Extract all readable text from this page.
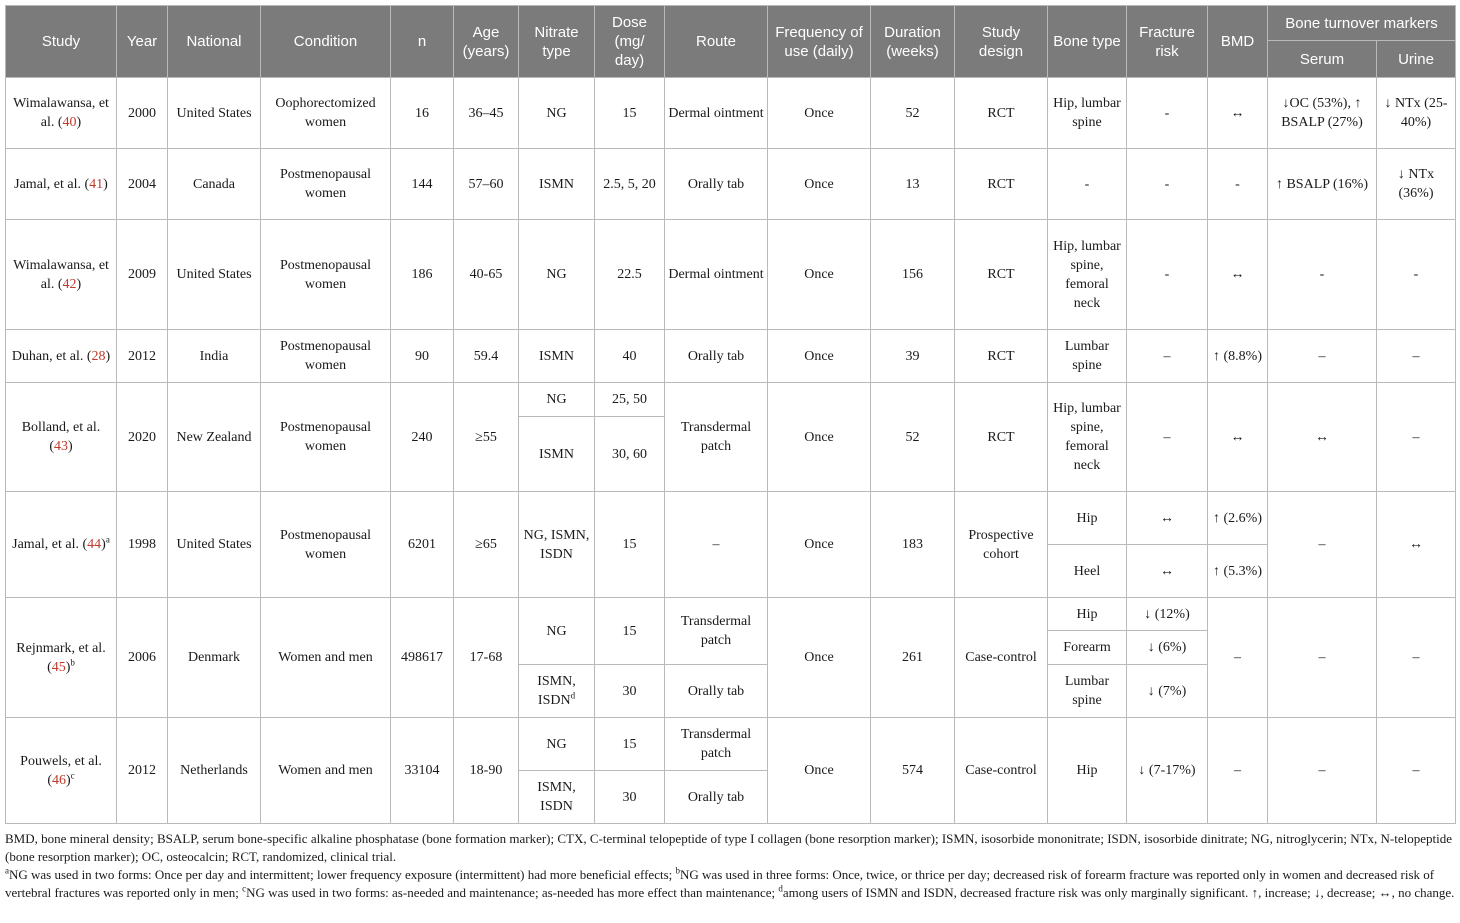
Study	Year	National	Condition	n	Age (years)	Nitrate type	Dose (mg/ day)	Route	Frequency of use (daily)	Duration (weeks)	Study design	Bone type	Fracture risk	BMD	Bone turnover markers	
															Serum	Urine
Wimalawansa, et al. (40)	2000	United States	Oophorectomized women	16	36–45	NG	15	Dermal ointment	Once	52	RCT	Hip, lumbar spine	-	↔	↓OC (53%), ↑ BSALP (27%)	↓ NTx (25-40%)
Jamal, et al. (41)	2004	Canada	Postmenopausal women	144	57–60	ISMN	2.5, 5, 20	Orally tab	Once	13	RCT	-	-	-	↑ BSALP (16%)	↓ NTx (36%)
Wimalawansa, et al. (42)	2009	United States	Postmenopausal women	186	40-65	NG	22.5	Dermal ointment	Once	156	RCT	Hip, lumbar spine, femoral neck	-	↔	-	-
Duhan, et al. (28)	2012	India	Postmenopausal women	90	59.4	ISMN	40	Orally tab	Once	39	RCT	Lumbar spine	–	↑ (8.8%)	–	–
Bolland, et al. (43)	2020	New Zealand	Postmenopausal women	240	≥55	NG	25, 50	Transdermal patch	Once	52	RCT	Hip, lumbar spine, femoral neck	–	↔	↔	–
						ISMN	30, 60									
Jamal, et al. $(44)^a$	1998	United States	Postmenopausal women	6201	≥65	NG, ISMN, ISDN	15	–	Once	183	Prospective cohort	Hip	↔	↑ (2.6%)	–	↔
												Heel	↔	↑ (5.3%)		
Rejnmark, et al. $(45)^b$	2006	Denmark	Women and men	498617	17-68	NG	15	Transdermal patch	Once	261	Case-control	Hip	↓ (12%)	–	–	–
												Forearm	↓ (6%)			
						ISMN, ISDN$^d$	30	Orally tab				Lumbar spine	↓ (7%)			
Pouwels, et al. $(46)^c$	2012	Netherlands	Women and men	33104	18-90	NG	15	Transdermal patch	Once	574	Case-control	Hip	↓ (7-17%)	–	–	–
						ISMN, ISDN	30	Orally tab								

BMD, bone mineral density; BSALP, serum bone-specific alkaline phosphatase (bone formation marker); CTX, C-terminal telopeptide of type I collagen (bone resorption marker); ISMN, isosorbide mononitrate; ISDN, isosorbide dinitrate; NG, nitroglycerin; NTx, N-telopeptide (bone resorption marker); OC, osteocalcin; RCT, randomized, clinical trial.

$^a$NG was used in two forms: Once per day and intermittent; lower frequency exposure (intermittent) had more beneficial effects; $^b$NG was used in three forms: Once, twice, or thrice per day; decreased risk of forearm fracture was reported only in women and decreased risk of vertebral fractures was reported only in men; $^c$NG was used in two forms: as-needed and maintenance; as-needed has more effect than maintenance; $^d$among users of ISMN and ISDN, decreased fracture risk was only marginally significant. ↑, increase; ↓, decrease; ↔, no change.
